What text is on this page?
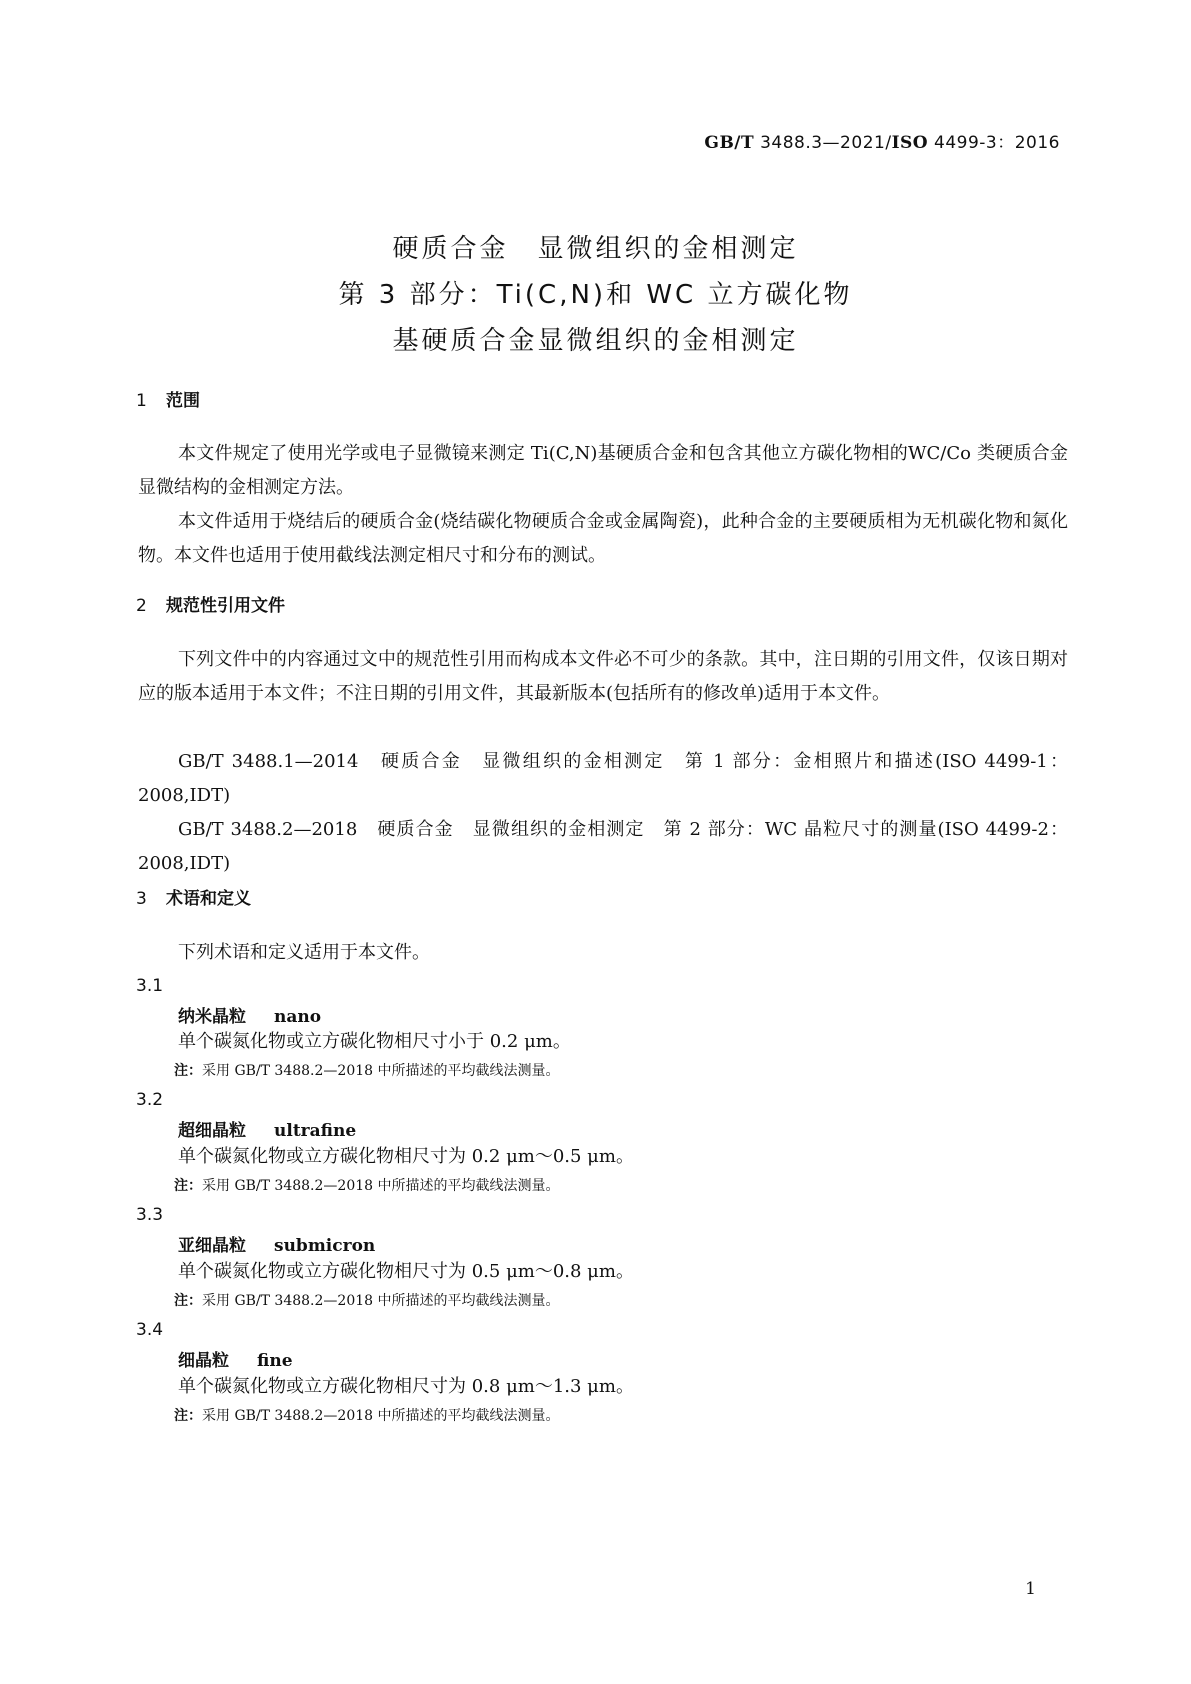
GB/T 3488.3—2021/ISO 4499-3：2016
硬质合金　显微组织的金相测定
第 3 部分：Ti(C,N)和 WC 立方碳化物
基硬质合金显微组织的金相测定
1 范围
本文件规定了使用光学或电子显微镜来测定 Ti(C,N)基硬质合金和包含其他立方碳化物相的WC/Co 类硬质合金显微结构的金相测定方法。
本文件适用于烧结后的硬质合金(烧结碳化物硬质合金或金属陶瓷)，此种合金的主要硬质相为无机碳化物和氮化物。本文件也适用于使用截线法测定相尺寸和分布的测试。
2 规范性引用文件
下列文件中的内容通过文中的规范性引用而构成本文件必不可少的条款。其中，注日期的引用文件，仅该日期对应的版本适用于本文件；不注日期的引用文件，其最新版本(包括所有的修改单)适用于本文件。
GB/T 3488.1—2014　硬质合金　显微组织的金相测定　第 1 部分：金相照片和描述(ISO 4499-1：2008,IDT)
GB/T 3488.2—2018　硬质合金　显微组织的金相测定　第 2 部分：WC 晶粒尺寸的测量(ISO 4499-2：2008,IDT)
3 术语和定义
下列术语和定义适用于本文件。
3.1
纳米晶粒 nano
单个碳氮化物或立方碳化物相尺寸小于 0.2 μm。
注：采用 GB/T 3488.2—2018 中所描述的平均截线法测量。
3.2
超细晶粒 ultrafine
单个碳氮化物或立方碳化物相尺寸为 0.2 μm～0.5 μm。
注：采用 GB/T 3488.2—2018 中所描述的平均截线法测量。
3.3
亚细晶粒 submicron
单个碳氮化物或立方碳化物相尺寸为 0.5 μm～0.8 μm。
注：采用 GB/T 3488.2—2018 中所描述的平均截线法测量。
3.4
细晶粒 fine
单个碳氮化物或立方碳化物相尺寸为 0.8 μm～1.3 μm。
注：采用 GB/T 3488.2—2018 中所描述的平均截线法测量。
1
